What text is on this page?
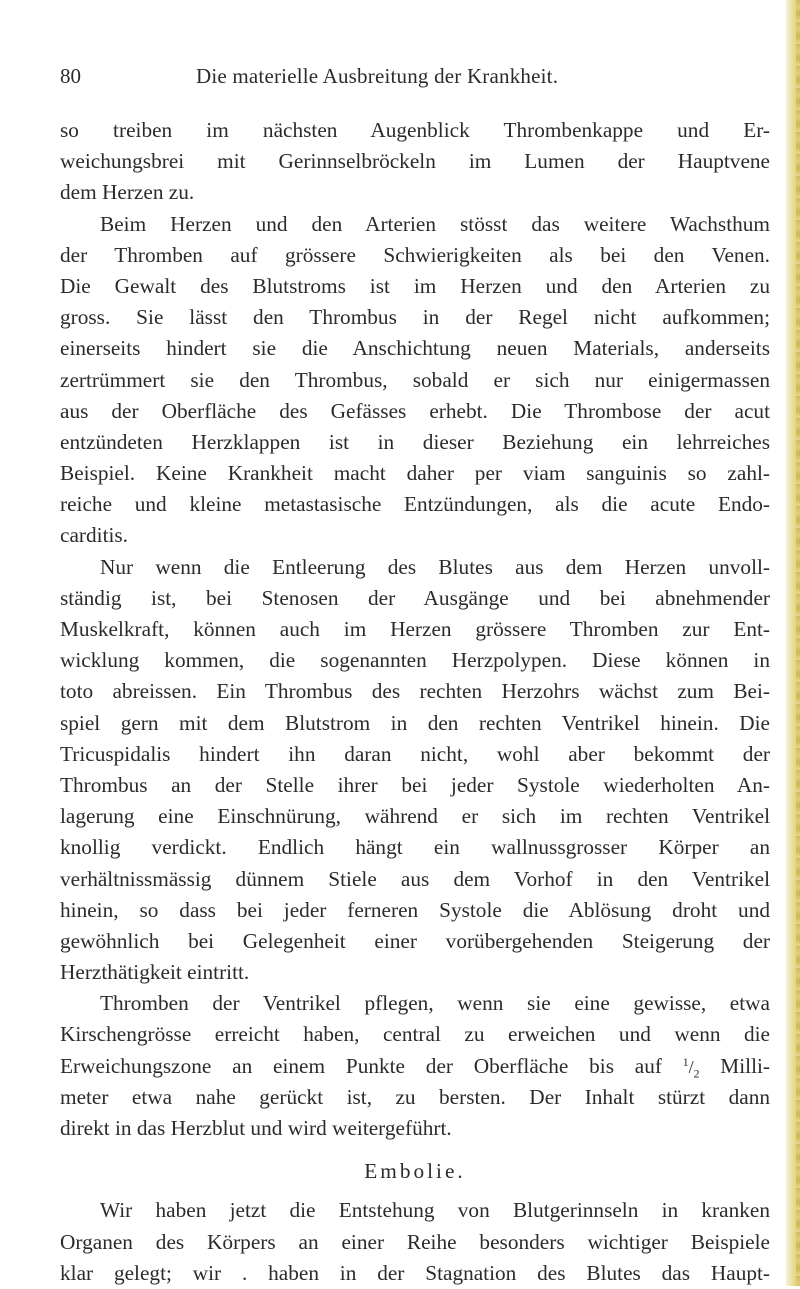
80	Die materielle Ausbreitung der Krankheit.
so treiben im nächsten Augenblick Thrombenkappe und Er-
weichungsbrei mit Gerinnselbröckeln im Lumen der Hauptvene
dem Herzen zu.
Beim Herzen und den Arterien stösst das weitere Wachsthum
der Thromben auf grössere Schwierigkeiten als bei den Venen.
Die Gewalt des Blutstroms ist im Herzen und den Arterien zu
gross. Sie lässt den Thrombus in der Regel nicht aufkommen;
einerseits hindert sie die Anschichtung neuen Materials, anderseits
zertrümmert sie den Thrombus, sobald er sich nur einigermassen
aus der Oberfläche des Gefässes erhebt. Die Thrombose der acut
entzündeten Herzklappen ist in dieser Beziehung ein lehrreiches
Beispiel. Keine Krankheit macht daher per viam sanguinis so zahl-
reiche und kleine metastasische Entzündungen, als die acute Endo-
carditis.
Nur wenn die Entleerung des Blutes aus dem Herzen unvoll-
ständig ist, bei Stenosen der Ausgänge und bei abnehmender
Muskelkraft, können auch im Herzen grössere Thromben zur Ent-
wicklung kommen, die sogenannten Herzpolypen. Diese können in
toto abreissen. Ein Thrombus des rechten Herzohrs wächst zum Bei-
spiel gern mit dem Blutstrom in den rechten Ventrikel hinein. Die
Tricuspidalis hindert ihn daran nicht, wohl aber bekommt der
Thrombus an der Stelle ihrer bei jeder Systole wiederholten An-
lagerung eine Einschnürung, während er sich im rechten Ventrikel
knollig verdickt. Endlich hängt ein wallnussgrosser Körper an
verhältnissmässig dünnem Stiele aus dem Vorhof in den Ventrikel
hinein, so dass bei jeder ferneren Systole die Ablösung droht und
gewöhnlich bei Gelegenheit einer vorübergehenden Steigerung der
Herzthätigkeit eintritt.
Thromben der Ventrikel pflegen, wenn sie eine gewisse, etwa
Kirschengrösse erreicht haben, central zu erweichen und wenn die
Erweichungszone an einem Punkte der Oberfläche bis auf $^1/_2$ Milli-
meter etwa nahe gerückt ist, zu bersten. Der Inhalt stürzt dann
direkt in das Herzblut und wird weitergeführt.
Embolie.
Wir haben jetzt die Entstehung von Blutgerinnseln in kranken
Organen des Körpers an einer Reihe besonders wichtiger Beispiele
klar gelegt; wir . haben in der Stagnation des Blutes das Haupt-
